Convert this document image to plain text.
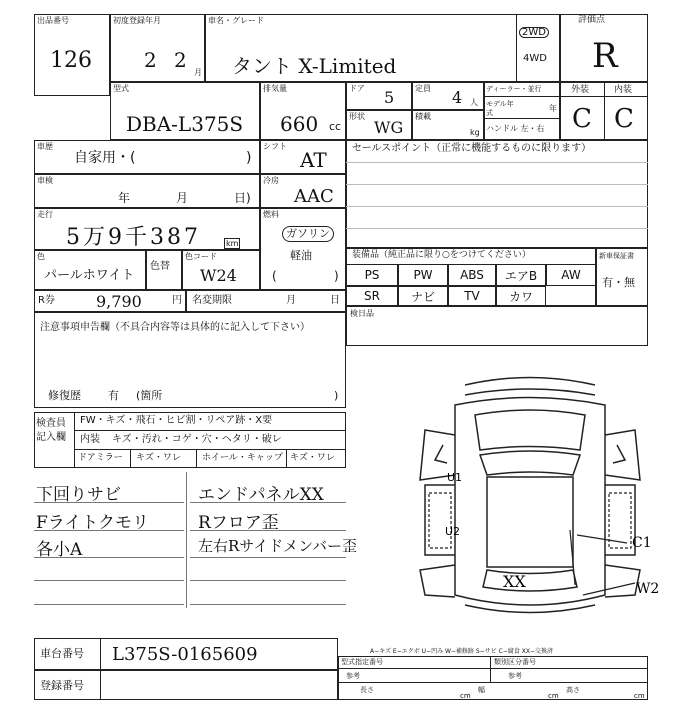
出品番号
126
初度登録年月
2 2
月
車名・グレード
タント X-Limited
2WD
4WD
評価点
R
外装	内装
C C
型式
DBA-L375S
排気量
660 cc
ドア 5	定員 4 人
形状
WG
積載
kg
ディーラー・並行
モデル年式	年
ハンドル 左・右
車歴
自家用・(	)
シフト
AT
車検
年	月	日)
冷房
AAC
走行
5万9千387	km
燃料
ガソリン
軽油
(	)
色
パールホワイト
色替
色コード
W24
R券	9,790	円 名変期限	月	日
セールスポイント（正常に機能するものに限ります）
装備品（純正品に限り○をつけてください）
PS	PW	ABS	エアB	AW
SR	ナビ	TV	カワ
新車保証書
有・無
検日品
注意事項申告欄（不具合内容等は具体的に記入して下さい）
修復歴 有 (箇所	)
検査員
記入欄
FW・キズ・飛石・ヒビ割・リペア跡・X要
内装 キズ・汚れ・コゲ・穴・ヘタリ・破レ
ドアミラー キズ・ワレ ホイール・キャップ キズ・ワレ
下回りサビ
Fライトクモリ
各小A
エンドパネルXX
Rフロア歪
左右Rサイドメンバー歪
U1
U2
XX
C1
W2
A−キズ E−エクボ U−凹み W−補修跡 S−サビ C−腐食 XX−交換済
型式指定番号
参考
類別区分番号
参考
長さ
cm
幅
cm
高さ
cm
車台番号 L375S-0165609
登録番号
